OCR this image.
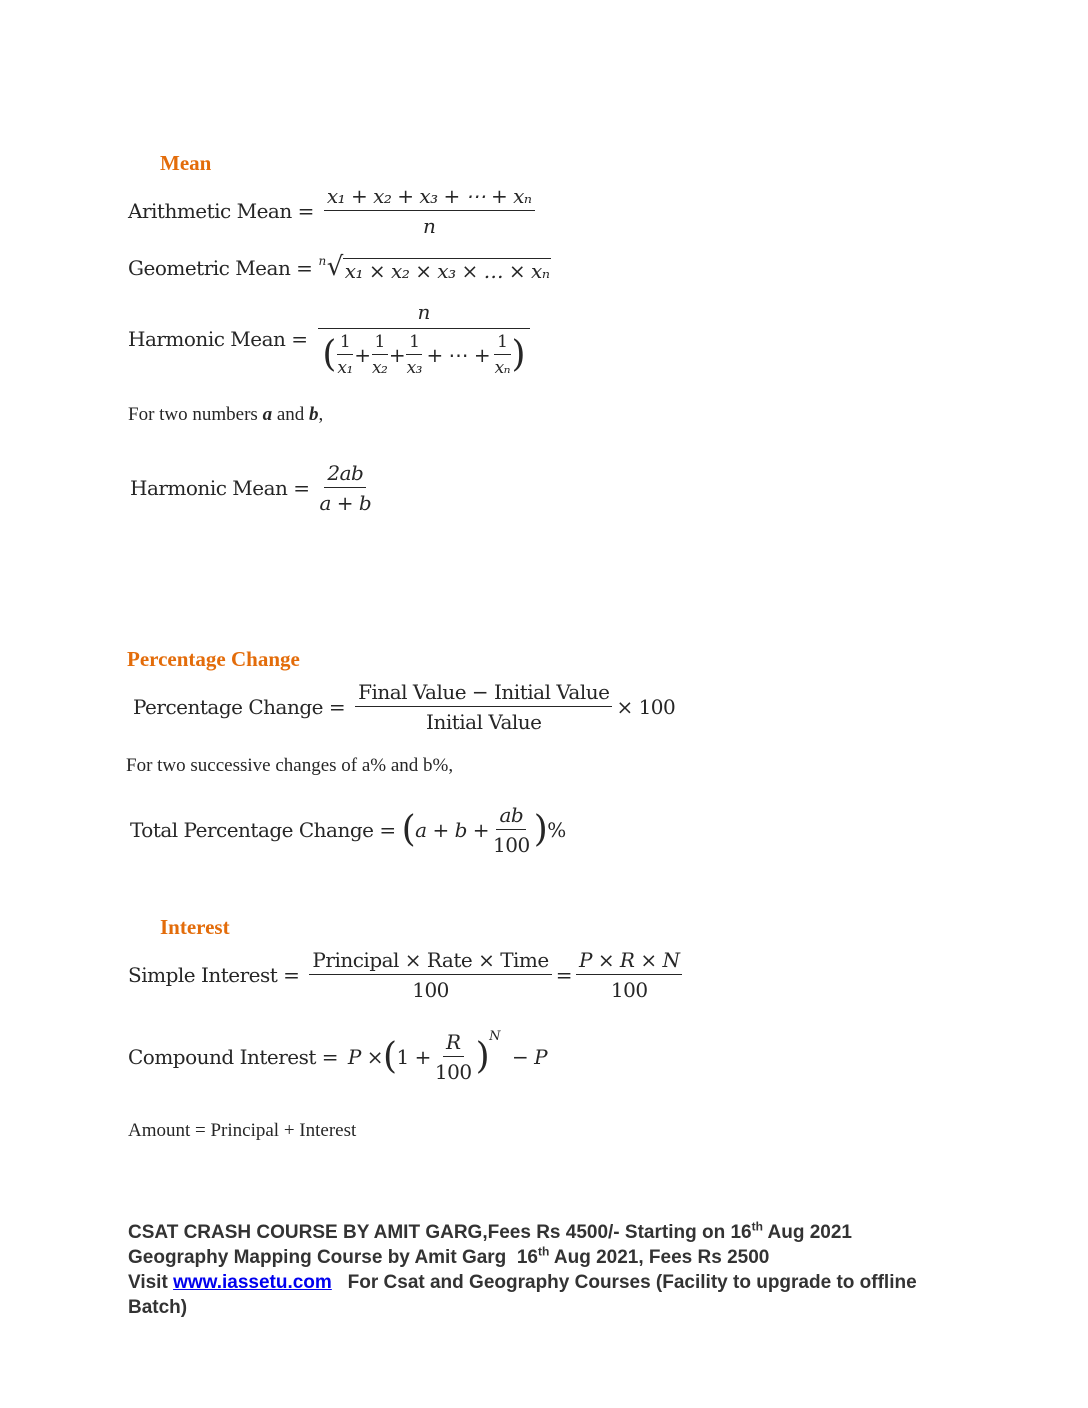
Mean
Arithmetic Mean = $\frac{\text{x₁ + x₂ + x₃ + ⋯ + xₙ}}{n}$
Geometric Mean = n √ x₁ × x₂ × x₃ × … × xₙ
Harmonic Mean =
n
( $\frac{1}{\text{x₁}} + \frac{1}{\text{x₂}} + \frac{1}{\text{x₃}}$ + ⋯ + $\frac{1}{\text{xₙ}}$ )
For two numbers a and b,
Harmonic Mean = $\frac{2ab}{a + b}$
Percentage Change
Percentage Change = $\frac{\text{Final Value − Initial Value}}{\text{Initial Value}} \times 100$
For two successive changes of a% and b%,
Total Percentage Change = ( $a + b + \frac{ab}{100}$ ) %
Interest
Simple Interest = $\frac{\text{Principal × Rate × Time}}{100} = \frac{P \times R \times N}{100}$
Compound Interest = P × ( $1 + \frac{R}{100}$ ) N
− P
Amount = Principal + Interest
CSAT CRASH COURSE BY AMIT GARG,Fees Rs 4500/- Starting on 16th Aug 2021
Geography Mapping Course by Amit Garg  16th Aug 2021, Fees Rs 2500
Visit www.iassetu.com   For Csat and Geography Courses (Facility to upgrade to offline Batch)
